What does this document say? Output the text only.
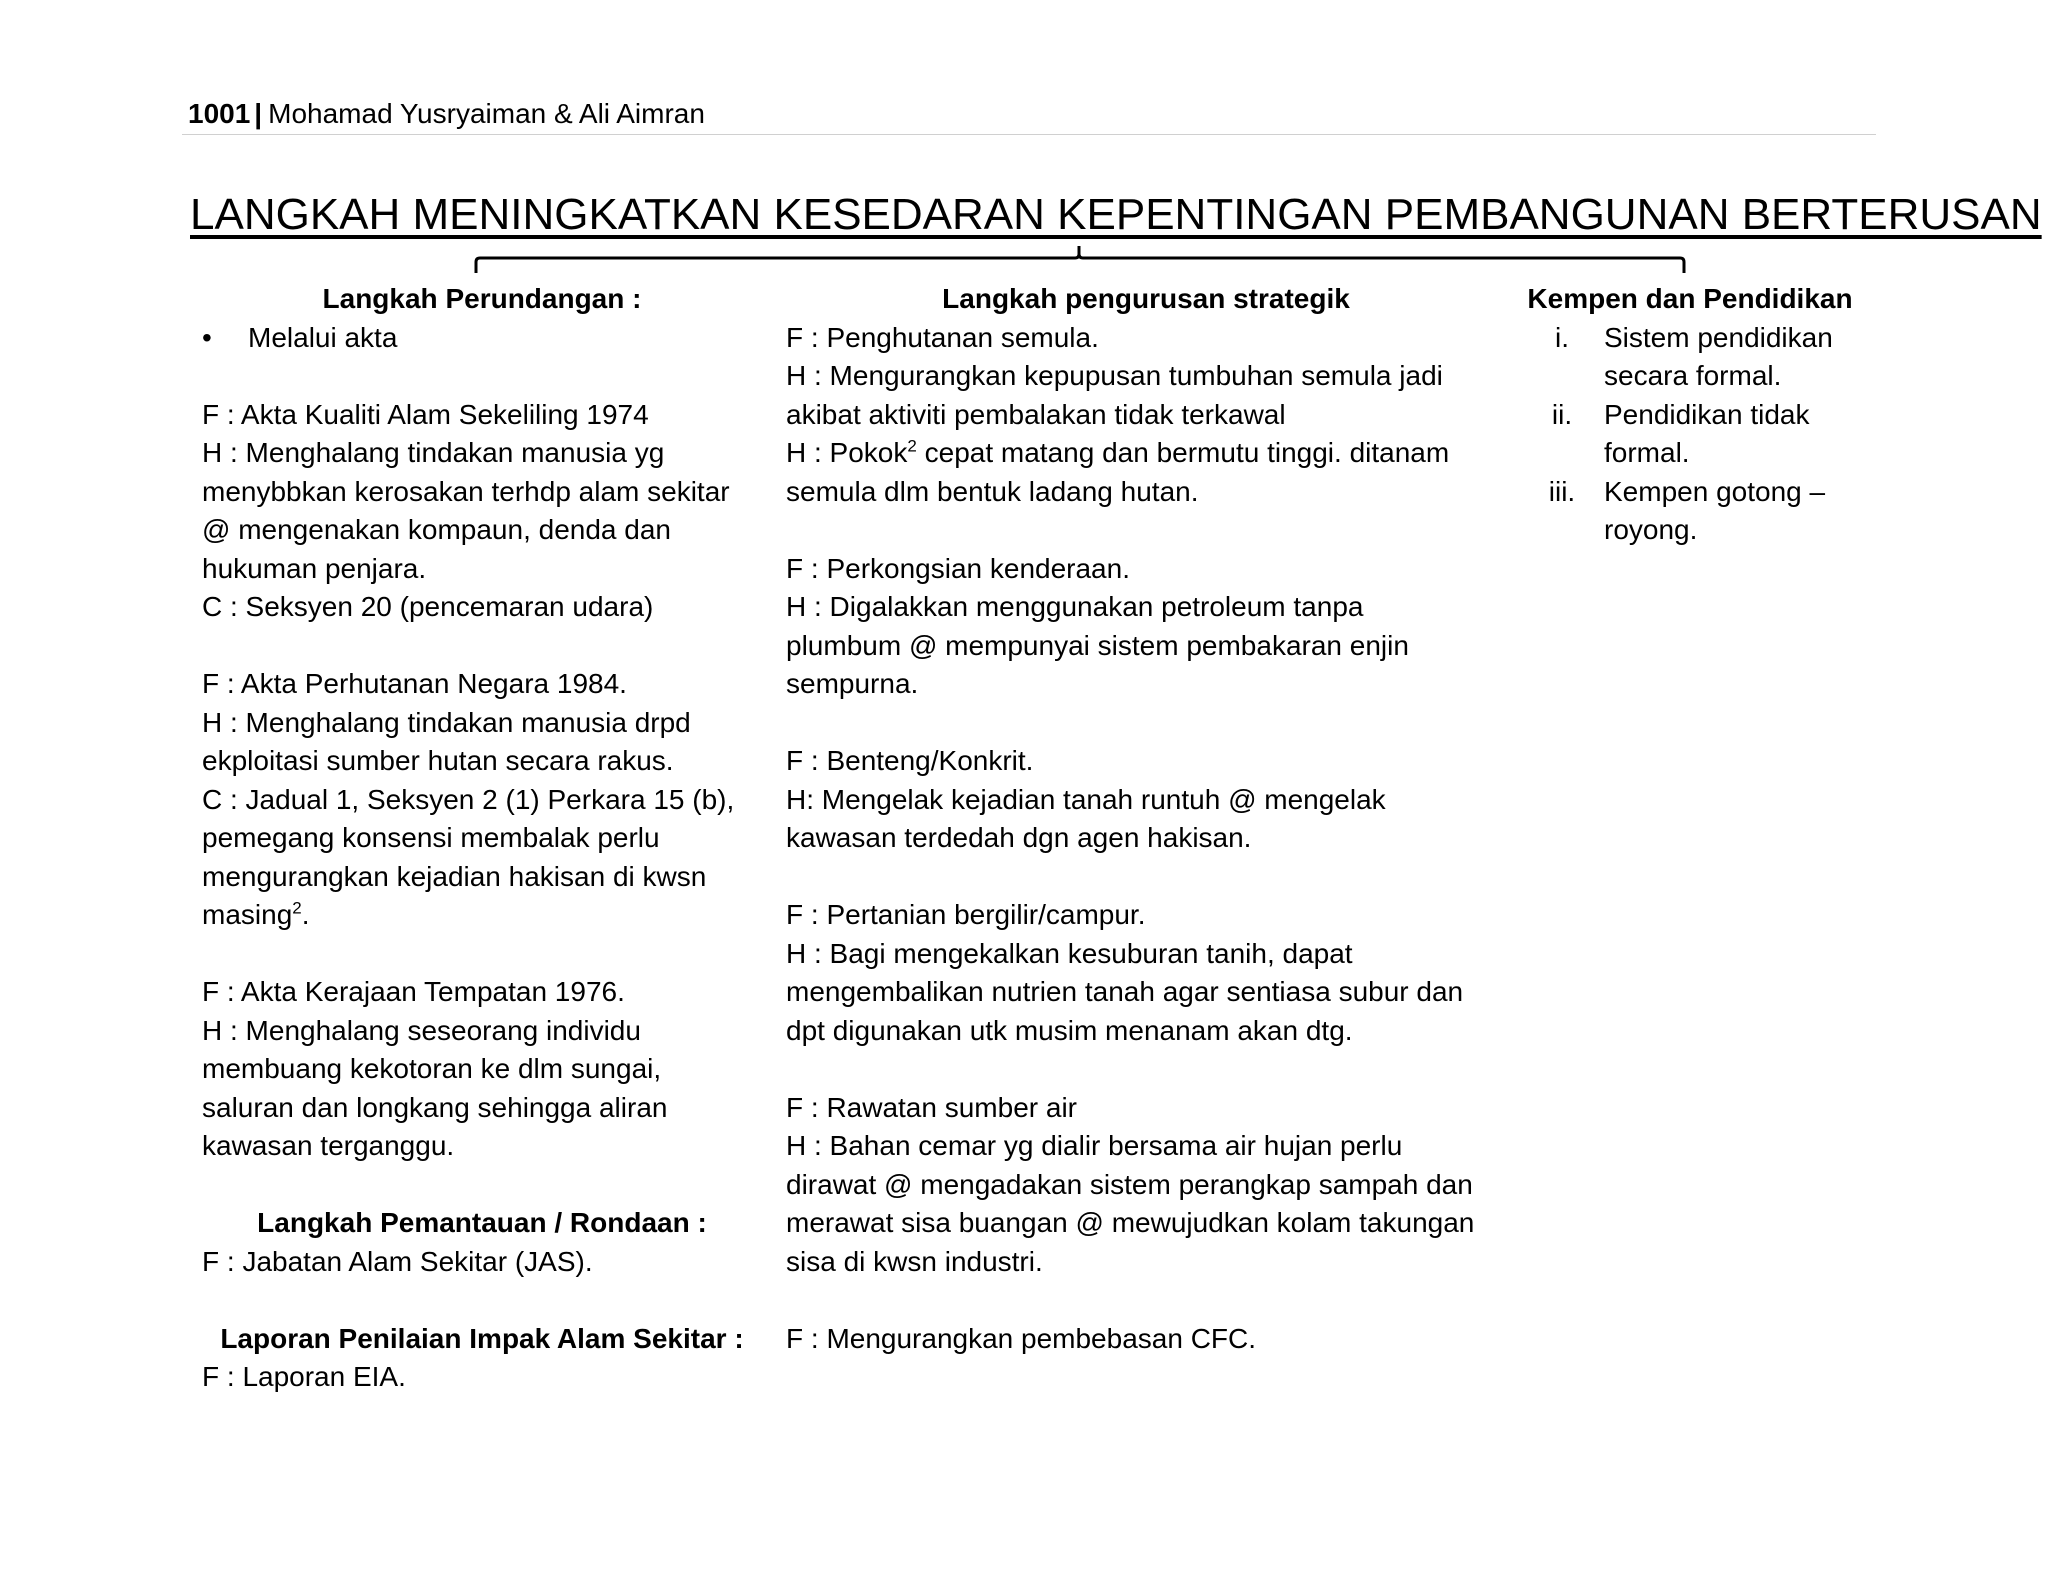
1001 | Mohamad Yusryaiman & Ali Aimran
LANGKAH MENINGKATKAN KESEDARAN KEPENTINGAN PEMBANGUNAN BERTERUSAN

Langkah Perundangan :

•	Melalui akta

F : Akta Kualiti Alam Sekeliling 1974

H : Menghalang tindakan manusia yg

menybbkan kerosakan terhdp alam sekitar

@ mengenakan kompaun, denda dan

hukuman penjara.

C : Seksyen 20 (pencemaran udara)

F : Akta Perhutanan Negara 1984.

H : Menghalang tindakan manusia drpd

ekploitasi sumber hutan secara rakus.

C : Jadual 1, Seksyen 2 (1) Perkara 15 (b),

pemegang konsensi membalak perlu

mengurangkan kejadian hakisan di kwsn

masing$^2$.

F : Akta Kerajaan Tempatan 1976.

H : Menghalang seseorang individu

membuang kekotoran ke dlm sungai,

saluran dan longkang sehingga aliran

kawasan terganggu.

Langkah Pemantauan / Rondaan :

F : Jabatan Alam Sekitar (JAS).

Laporan Penilaian Impak Alam Sekitar :

F : Laporan EIA.

Langkah pengurusan strategik

F : Penghutanan semula.

H : Mengurangkan kepupusan tumbuhan semula jadi

akibat aktiviti pembalakan tidak terkawal

H : Pokok$^2$ cepat matang dan bermutu tinggi. ditanam

semula dlm bentuk ladang hutan.

F : Perkongsian kenderaan.

H : Digalakkan menggunakan petroleum tanpa

plumbum @ mempunyai sistem pembakaran enjin

sempurna.

F : Benteng/Konkrit.

H: Mengelak kejadian tanah runtuh @ mengelak

kawasan terdedah dgn agen hakisan.

F : Pertanian bergilir/campur.

H : Bagi mengekalkan kesuburan tanih, dapat

mengembalikan nutrien tanah agar sentiasa subur dan

dpt digunakan utk musim menanam akan dtg.

F : Rawatan sumber air

H : Bahan cemar yg dialir bersama air hujan perlu

dirawat @ mengadakan sistem perangkap sampah dan

merawat sisa buangan @ mewujudkan kolam takungan

sisa di kwsn industri.

F : Mengurangkan pembebasan CFC.

Kempen dan Pendidikan

i.	Sistem pendidikan secara formal.

ii.	Pendidikan tidak formal.

iii.	Kempen gotong – royong.
